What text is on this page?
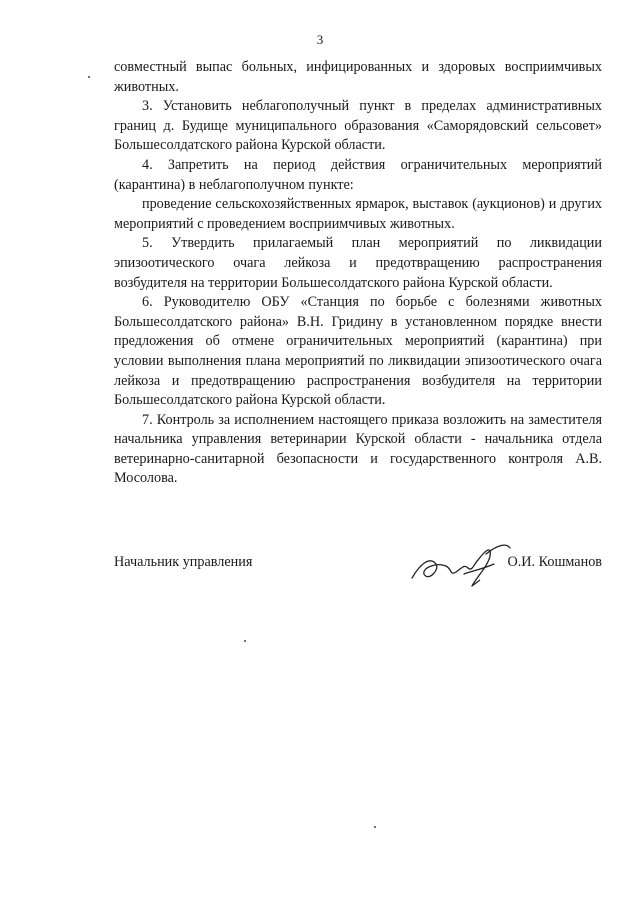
3

совместный выпас больных, инфицированных и здоровых восприимчивых животных.

3. Установить неблагополучный пункт в пределах административных границ д. Будище муниципального образования «Саморядовский сельсовет» Большесолдатского района Курской области.

4. Запретить на период действия ограничительных мероприятий (карантина) в неблагополучном пункте:

проведение сельскохозяйственных ярмарок, выставок (аукционов) и других мероприятий с проведением восприимчивых животных.

5. Утвердить прилагаемый план мероприятий по ликвидации эпизоотического очага лейкоза и предотвращению распространения возбудителя на территории Большесолдатского района Курской области.

6. Руководителю ОБУ «Станция по борьбе с болезнями животных Большесолдатского района» В.Н. Гридину в установленном порядке внести предложения об отмене ограничительных мероприятий (карантина) при условии выполнения плана мероприятий по ликвидации эпизоотического очага лейкоза и предотвращению распространения возбудителя на территории Большесолдатского района Курской области.

7. Контроль за исполнением настоящего приказа возложить на заместителя начальника управления ветеринарии Курской области - начальника отдела ветеринарно-санитарной безопасности и государственного контроля А.В. Мосолова.

Начальник управления	О.И. Кошманов
